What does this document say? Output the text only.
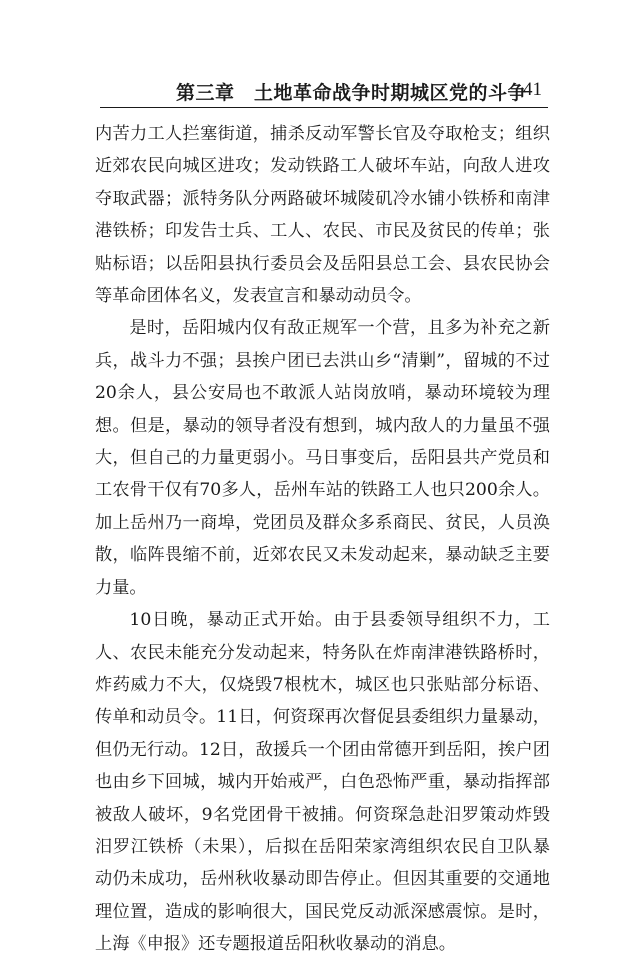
第三章　土地革命战争时期城区党的斗争
41

内苦力工人拦塞街道，捕杀反动军警长官及夺取枪支；组织近郊农民向城区进攻；发动铁路工人破坏车站，向敌人进攻夺取武器；派特务队分两路破坏城陵矶冷水铺小铁桥和南津港铁桥；印发告士兵、工人、农民、市民及贫民的传单；张贴标语；以岳阳县执行委员会及岳阳县总工会、县农民协会等革命团体名义，发表宣言和暴动动员令。

是时，岳阳城内仅有敌正规军一个营，且多为补充之新兵，战斗力不强；县挨户团已去洪山乡“清剿”，留城的不过20余人，县公安局也不敢派人站岗放哨，暴动环境较为理想。但是，暴动的领导者没有想到，城内敌人的力量虽不强大，但自己的力量更弱小。马日事变后，岳阳县共产党员和工农骨干仅有70多人，岳州车站的铁路工人也只200余人。加上岳州乃一商埠，党团员及群众多系商民、贫民，人员涣散，临阵畏缩不前，近郊农民又未发动起来，暴动缺乏主要力量。

10日晚，暴动正式开始。由于县委领导组织不力，工人、农民未能充分发动起来，特务队在炸南津港铁路桥时，炸药威力不大，仅烧毁7根枕木，城区也只张贴部分标语、传单和动员令。11日，何资琛再次督促县委组织力量暴动，但仍无行动。12日，敌援兵一个团由常德开到岳阳，挨户团也由乡下回城，城内开始戒严，白色恐怖严重，暴动指挥部被敌人破坏，9名党团骨干被捕。何资琛急赴汨罗策动炸毁汨罗江铁桥（未果），后拟在岳阳荣家湾组织农民自卫队暴动仍未成功，岳州秋收暴动即告停止。但因其重要的交通地理位置，造成的影响很大，国民党反动派深感震惊。是时，上海《申报》还专题报道岳阳秋收暴动的消息。
